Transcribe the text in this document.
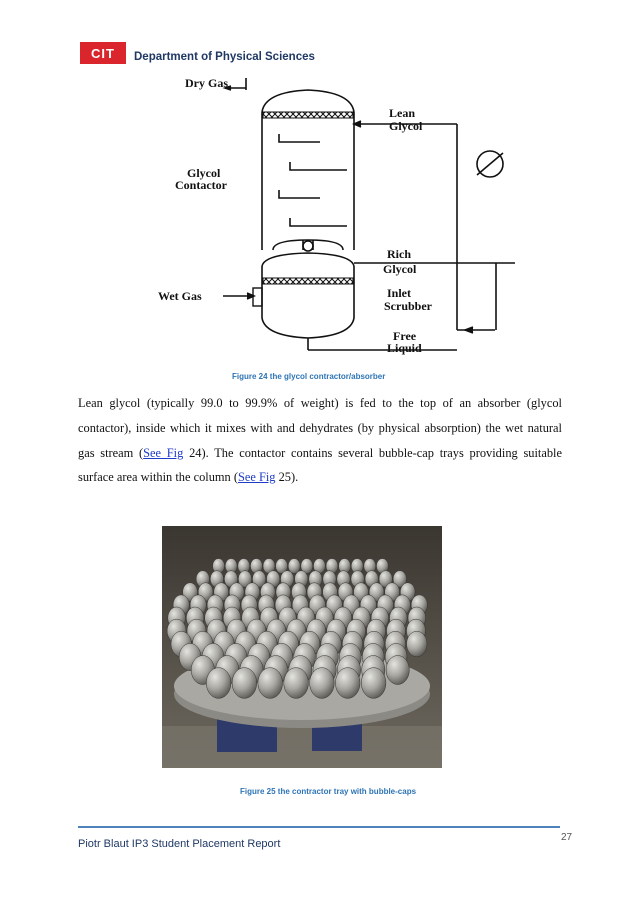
CIT	Department of Physical Sciences
Dry Gas
Lean
Glycol
Glycol
Contactor
Rich
Glycol
Wet Gas	Inlet
Scrubber
Free
Liquid
Figure 24 the glycol contractor/absorber
Lean glycol (typically 99.0 to 99.9% of weight) is fed to the top of an absorber (glycol contactor), inside which it mixes with and dehydrates (by physical absorption) the wet natural gas stream (See Fig 24). The contactor contains several bubble-cap trays providing suitable surface area within the column (See Fig 25).
Figure 25 the contractor tray with bubble-caps
Piotr Blaut IP3 Student Placement Report
27
